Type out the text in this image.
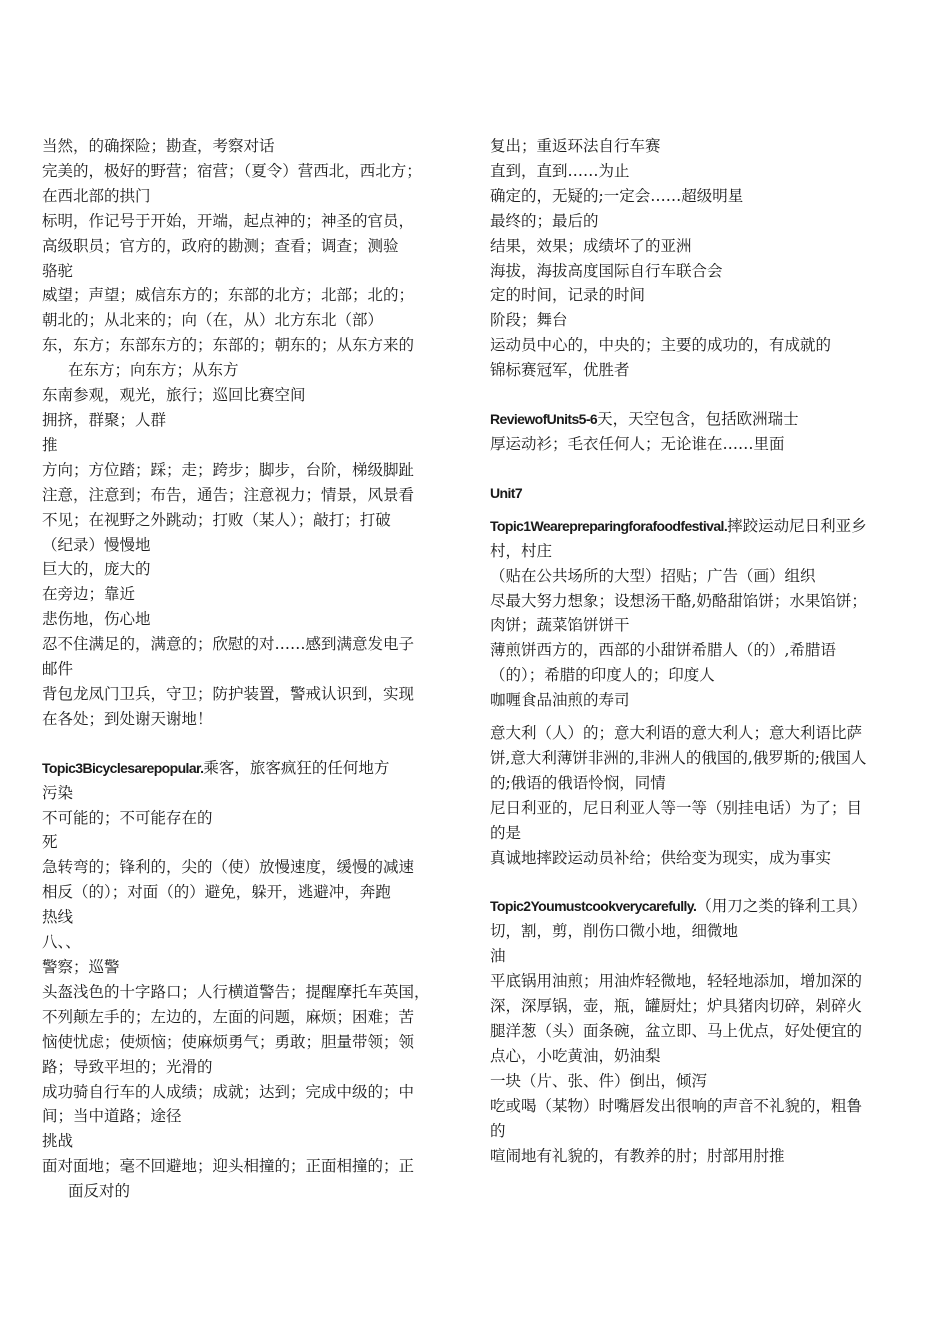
当然，的确探险；勘查，考察对话
完美的，极好的野营；宿营；（夏令）营西北，西北方；
在西北部的拱门
标明，作记号于开始，开端，起点神的；神圣的官员，
高级职员；官方的，政府的勘测；查看；调查；测验
骆驼
威望；声望；威信东方的；东部的北方；北部；北的；
朝北的；从北来的；向（在，从）北方东北（部）
东，东方；东部东方的；东部的；朝东的；从东方来的
在东方；向东方；从东方
东南参观，观光，旅行；巡回比赛空间
拥挤，群聚；人群
推
方向；方位踏；踩；走；跨步；脚步，台阶，梯级脚趾
注意，注意到；布告，通告；注意视力；情景，风景看
不见；在视野之外跳动；打败（某人）；敲打；打破
（纪录）慢慢地
巨大的，庞大的
在旁边；靠近
悲伤地，伤心地
忍不住满足的，满意的；欣慰的对……感到满意发电子
邮件
背包龙凤门卫兵，守卫；防护装置，警戒认识到，实现
在各处；到处谢天谢地！
Topic3Bicyclesarepopular.乘客，旅客疯狂的任何地方
污染
不可能的；不可能存在的
死
急转弯的；锋利的，尖的（使）放慢速度，缓慢的减速
相反（的）；对面（的）避免，躲开，逃避冲，奔跑
热线
八、、
警察；巡警
头盔浅色的十字路口；人行横道警告；提醒摩托车英国，
不列颠左手的；左边的，左面的问题，麻烦；困难；苦
恼使忧虑；使烦恼；使麻烦勇气；勇敢；胆量带领；领
路；导致平坦的；光滑的
成功骑自行车的人成绩；成就；达到；完成中级的；中
间；当中道路；途径
挑战
面对面地；毫不回避地；迎头相撞的；正面相撞的；正
面反对的
复出；重返环法自行车赛
直到，直到……为止
确定的，无疑的;一定会……超级明星
最终的；最后的
结果，效果；成绩坏了的亚洲
海拔，海拔高度国际自行车联合会
定的时间，记录的时间
阶段；舞台
运动员中心的，中央的；主要的成功的，有成就的
锦标赛冠军，优胜者
ReviewofUnits5-6天，天空包含，包括欧洲瑞士
厚运动衫；毛衣任何人；无论谁在……里面
Unit7
Topic1Wearepreparingforafoodfestival.摔跤运动尼日利亚乡
村，村庄
（贴在公共场所的大型）招贴；广告（画）组织
尽最大努力想象；设想汤干酪,奶酪甜馅饼；水果馅饼；
肉饼；蔬菜馅饼饼干
薄煎饼西方的，西部的小甜饼希腊人（的）,希腊语
（的）；希腊的印度人的；印度人
咖喱食品油煎的寿司
意大利（人）的；意大利语的意大利人；意大利语比萨
饼,意大利薄饼非洲的,非洲人的俄国的,俄罗斯的;俄国人
的;俄语的俄语怜悯，同情
尼日利亚的，尼日利亚人等一等（别挂电话）为了；目
的是
真诚地摔跤运动员补给；供给变为现实，成为事实
Topic2Youmustcookverycarefully.（用刀之类的锋利工具）
切，割，剪，削伤口微小地，细微地
油
平底锅用油煎；用油炸轻微地，轻轻地添加，增加深的
深，深厚锅，壶，瓶，罐厨灶；炉具猪肉切碎，剁碎火
腿洋葱（头）面条碗，盆立即、马上优点，好处便宜的
点心，小吃黄油，奶油梨
一块（片、张、件）倒出，倾泻
吃或喝（某物）时嘴唇发出很响的声音不礼貌的，粗鲁
的
喧闹地有礼貌的，有教养的肘；肘部用肘推
